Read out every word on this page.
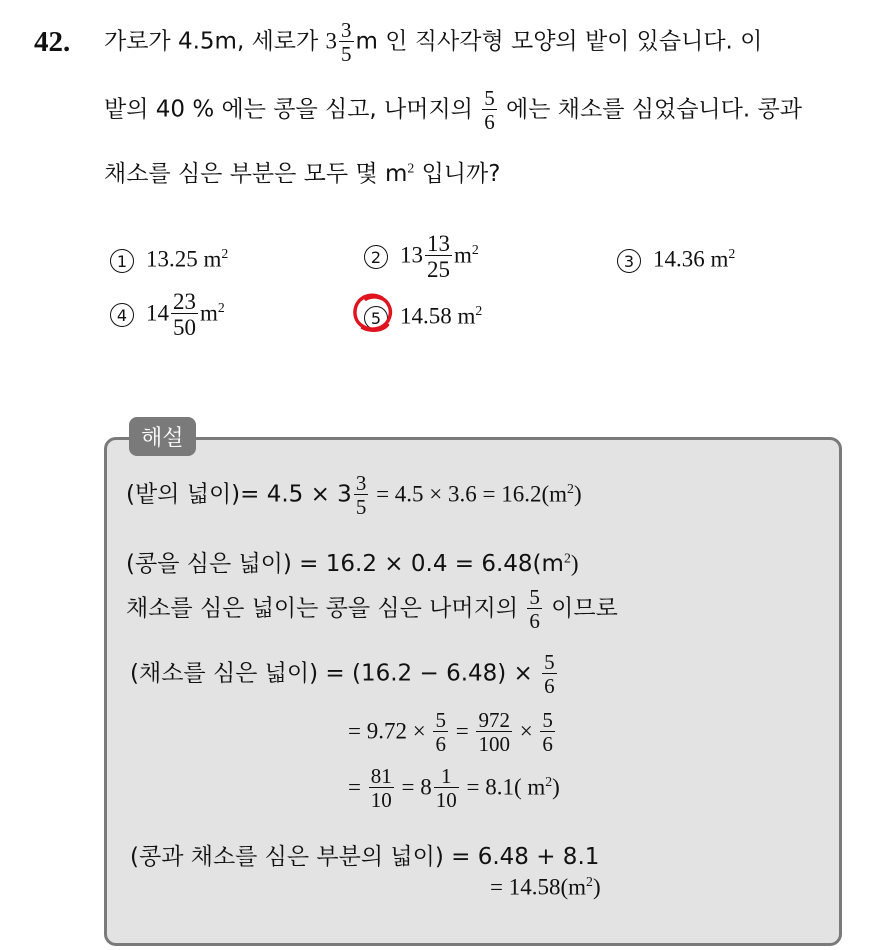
42. 가로가 4.5m, 세로가 $3 \frac{3}{5}$ m 인 직사각형 모양의 밭이 있습니다. 이
밭의 40 % 에는 콩을 심고, 나머지의 $\frac{5}{6}$ 에는 채소를 심었습니다. 콩과
채소를 심은 부분은 모두 몇 $m^2$ 입니까?
1 13.25 $m^2$	2 $13 \frac{13}{25} m^2$
3 14.36 $m^2$
4 $14 \frac{23}{50} m^2$
5 14.58 $m^2$
해설
(밭의 넓이)= $4.5 \times 3 \frac{3}{5} = 4.5 \times 3.6 = 16.2(m^2)$
(콩을 심은 넓이) = $16.2 \times 0.4 = 6.48(m^2)$
채소를 심은 넓이는 콩을 심은 나머지의 $\frac{5}{6}$ 이므로
(채소를 심은 넓이) = $(16.2 - 6.48) \times \frac{5}{6}$
= $9.72 \times \frac{5}{6} = \frac{972}{100} \times \frac{5}{6}$
= $\frac{81}{10} = 8 \frac{1}{10} = 8.1$( $m^2$)
(콩과 채소를 심은 부분의 넓이) = 6.48 + 8.1
= $14.58(m^2)$
